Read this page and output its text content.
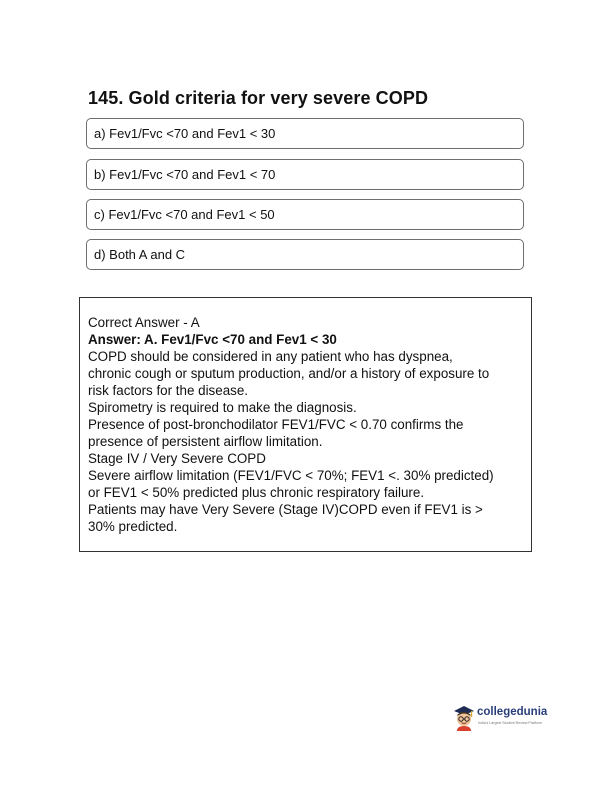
145. Gold criteria for very severe COPD
a) Fev1/Fvc <70 and Fev1 < 30
b) Fev1/Fvc <70 and Fev1 < 70
c) Fev1/Fvc <70 and Fev1 < 50
d) Both A and C
Correct Answer - A
Answer: A. Fev1/Fvc <70 and Fev1 < 30
COPD should be considered in any patient who has dyspnea,
chronic cough or sputum production, and/or a history of exposure to
risk factors for the disease.
Spirometry is required to make the diagnosis.
Presence of post-bronchodilator FEV1/FVC < 0.70 confirms the
presence of persistent airflow limitation.
Stage IV / Very Severe COPD
Severe airflow limitation (FEV1/FVC < 70%; FEV1 <. 30% predicted)
or FEV1 < 50% predicted plus chronic respiratory failure.
Patients may have Very Severe (Stage IV)COPD even if FEV1 is >
30% predicted.
collegedunia
India's Largest Student Review Platform
